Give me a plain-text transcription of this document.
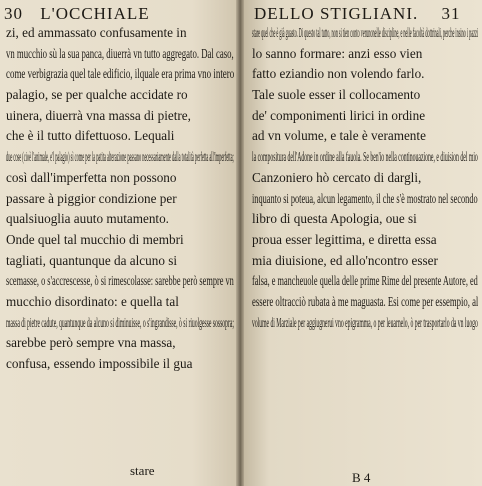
30 L'OCCHIALE
zi, ed ammassato confusamente in
vn mucchio sù la sua panca, diuerrà vn tutto aggregato. Dal caso,
come verbigrazia quel tale edificio, ilquale era prima vno intero
palagio, se per qualche accidate ro
uinera, diuerrà vna massa di pietre,
che è il tutto difettuoso. Lequali
due cose (cioè l'animale, e'l palagio) sì come per la patita alterazione passano necessariamente dalla totalità perfetta all'imperfetta;
così dall'imperfetta non possono
passare à piggior condizione per
qualsiuoglia auuto mutamento.
Onde quel tal mucchio di membri
tagliati, quantunque da alcuno si
scemasse, o s'accrescesse, ò si rimescolasse: sarebbe però sempre vn
mucchio disordinato: e quella tal
massa di pietre cadute, quantunque da alcuno si diminuisse, o s'ingrandisse, ò si riuolgesse sossopra;
sarebbe però sempre vna massa,
confusa, essendo impossibile il gua
stare
DELLO STIGLIANI. 31
stare quel che è già guasto. Di questo tal tutto, non si tien conto verunonelle discipline, e nelle facoltà dottrinali, perche insino i pazzi
lo sanno formare: anzi esso vien
fatto eziandio non volendo farlo.
Tale suole esser il collocamento
de' componimenti lirici in ordine
ad vn volume, e tale è veramente
la compositura dell'Adone in ordine alla fauola. Se ben'io nella continouazione, e diuision del mio
Canzoniero hò cercato di dargli,
inquanto si poteua, alcun legamento, il che s'è mostrato nel secondo
libro di questa Apologia, oue si
proua esser legittima, e diretta essa
mia diuisione, ed allo'ncontro esser
falsa, e mancheuole quella delle prime Rime del presente Autore, ed
essere oltracciò rubata à me maguasta. Esi come per essempio, al
volume di Marziale per aggiugnerui vno epigramma, o per leuarnelo, ò per trasportarlo da vn luogo
B 4
